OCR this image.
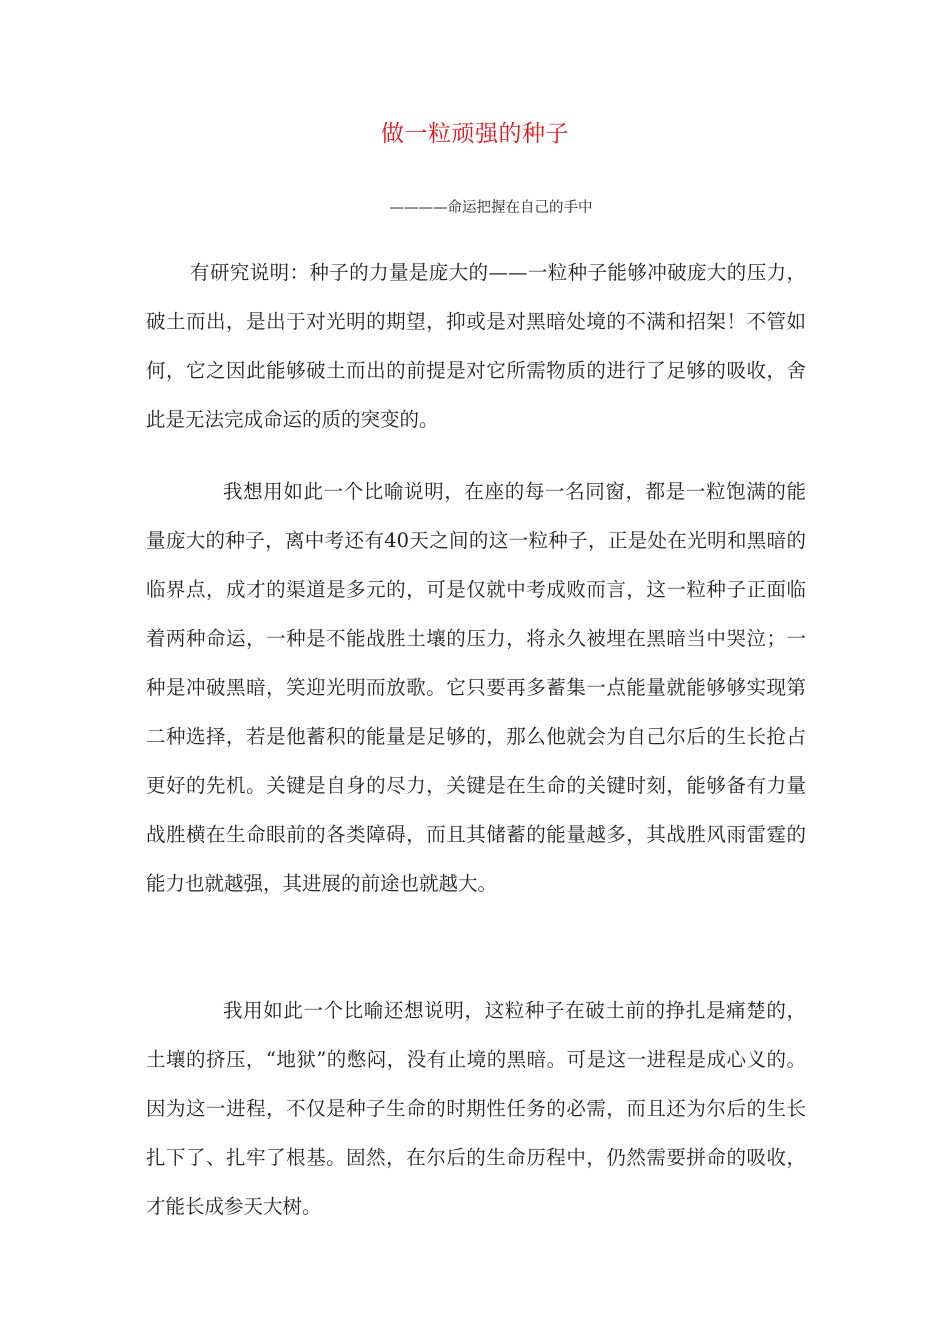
做一粒顽强的种子
————命运把握在自己的手中

有研究说明：种子的力量是庞大的——一粒种子能够冲破庞大的压力，破土而出，是出于对光明的期望，抑或是对黑暗处境的不满和招架！不管如何，它之因此能够破土而出的前提是对它所需物质的进行了足够的吸收，舍此是无法完成命运的质的突变的。

我想用如此一个比喻说明，在座的每一名同窗，都是一粒饱满的能量庞大的种子，离中考还有40天之间的这一粒种子，正是处在光明和黑暗的临界点，成才的渠道是多元的，可是仅就中考成败而言，这一粒种子正面临着两种命运，一种是不能战胜土壤的压力，将永久被埋在黑暗当中哭泣；一种是冲破黑暗，笑迎光明而放歌。它只要再多蓄集一点能量就能够够实现第二种选择，若是他蓄积的能量是足够的，那么他就会为自己尔后的生长抢占更好的先机。关键是自身的尽力，关键是在生命的关键时刻，能够备有力量战胜横在生命眼前的各类障碍，而且其储蓄的能量越多，其战胜风雨雷霆的能力也就越强，其进展的前途也就越大。

我用如此一个比喻还想说明，这粒种子在破土前的挣扎是痛楚的，土壤的挤压，“地狱”的憋闷，没有止境的黑暗。可是这一进程是成心义的。因为这一进程，不仅是种子生命的时期性任务的必需，而且还为尔后的生长扎下了、扎牢了根基。固然，在尔后的生命历程中，仍然需要拼命的吸收，才能长成参天大树。
